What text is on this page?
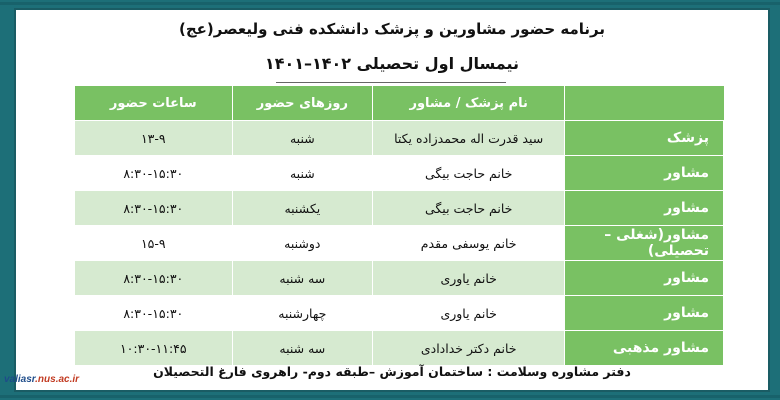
برنامه حضور مشاورین و پزشک دانشکده فنی ولیعصر(عج)
نیمسال اول تحصیلی ۱۴۰۲–۱۴۰۱
	نام پزشک / مشاور	روزهای حضور	ساعات حضور
پزشک	سید قدرت اله محمدزاده یکتا	شنبه	۱۳-۹
مشاور	خانم حاجت بیگی	شنبه	۸:۳۰-۱۵:۳۰
مشاور	خانم حاجت بیگی	یکشنبه	۸:۳۰-۱۵:۳۰
مشاور(شغلی –تحصیلی)	خانم یوسفی مقدم	دوشنبه	۱۵-۹
مشاور	خانم یاوری	سه شنبه	۸:۳۰-۱۵:۳۰
مشاور	خانم یاوری	چهارشنبه	۸:۳۰-۱۵:۳۰
مشاور مذهبی	خانم دکتر خدادادی	سه شنبه	۱۰:۳۰-۱۱:۴۵
دفتر مشاوره وسلامت : ساختمان آموزش –طبقه دوم- راهروی فارغ التحصیلان
valiasr.nus.ac.ir
